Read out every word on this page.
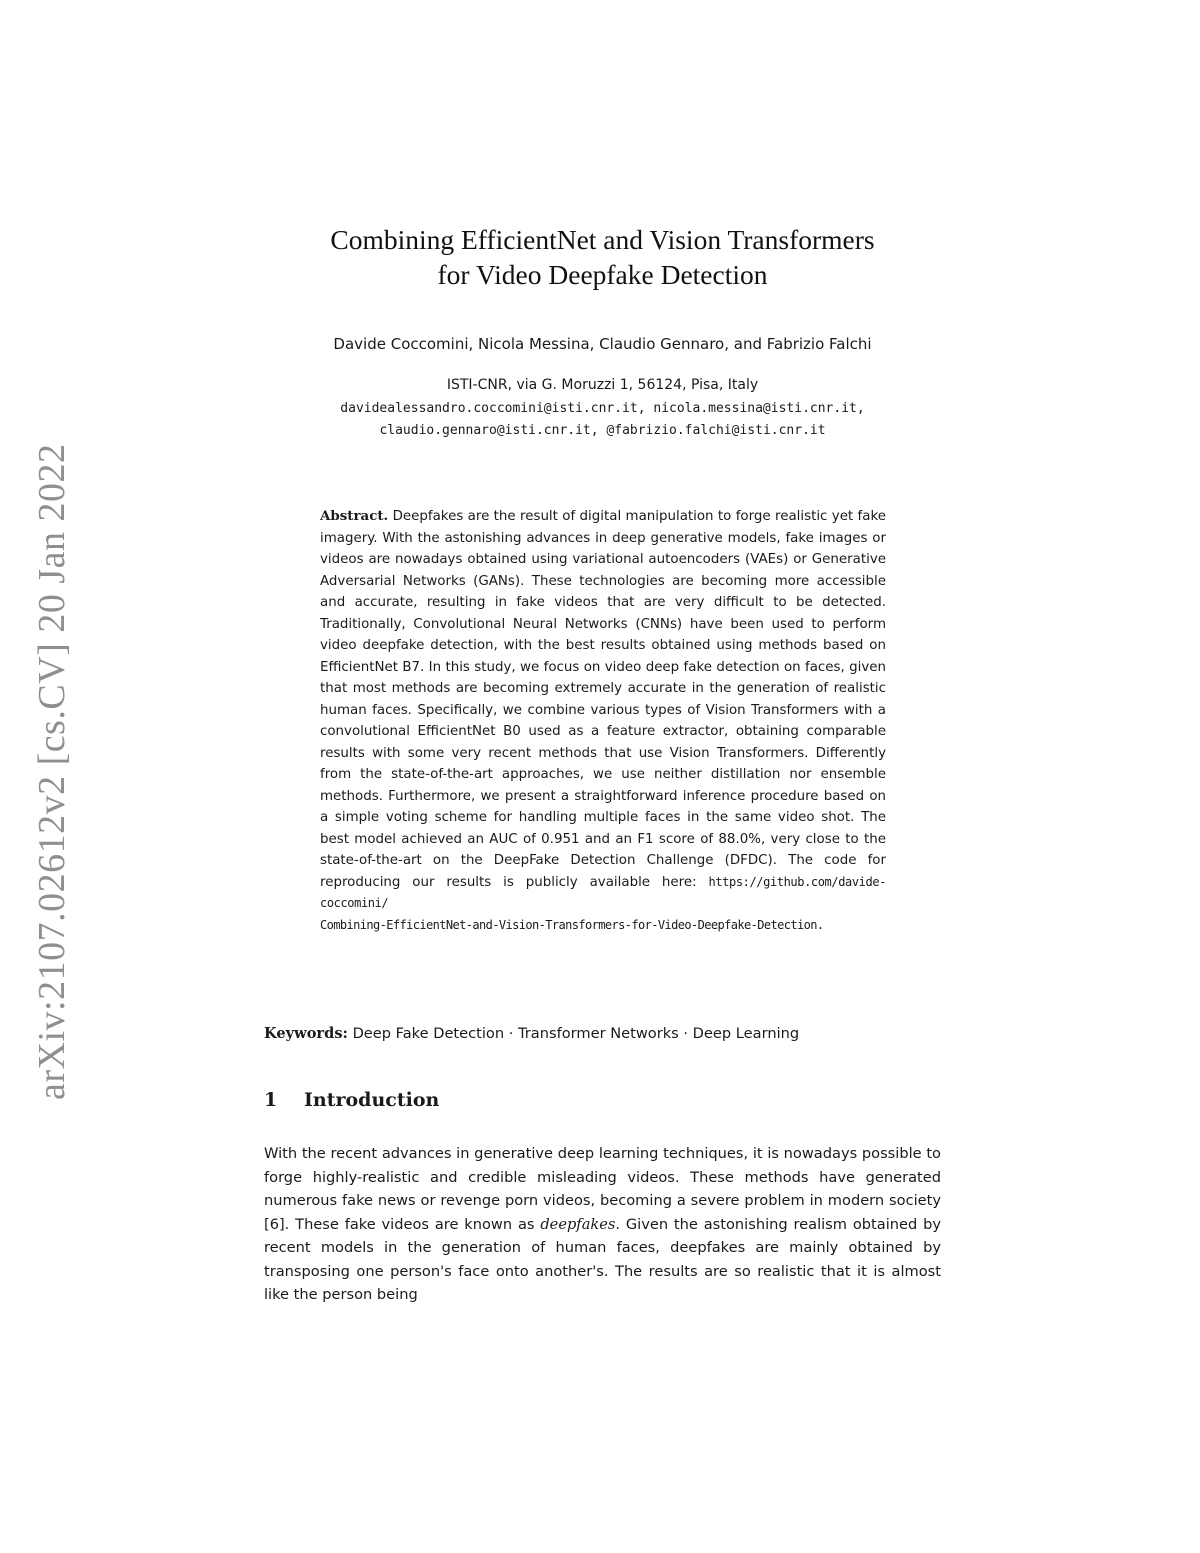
arXiv:2107.02612v2 [cs.CV] 20 Jan 2022
Combining EfficientNet and Vision Transformers
for Video Deepfake Detection
Davide Coccomini, Nicola Messina, Claudio Gennaro, and Fabrizio Falchi
ISTI-CNR, via G. Moruzzi 1, 56124, Pisa, Italy
davidealessandro.coccomini@isti.cnr.it, nicola.messina@isti.cnr.it,
claudio.gennaro@isti.cnr.it, @fabrizio.falchi@isti.cnr.it
Abstract. Deepfakes are the result of digital manipulation to forge realistic yet fake imagery. With the astonishing advances in deep generative models, fake images or videos are nowadays obtained using variational autoencoders (VAEs) or Generative Adversarial Networks (GANs). These technologies are becoming more accessible and accurate, resulting in fake videos that are very difficult to be detected. Traditionally, Convolutional Neural Networks (CNNs) have been used to perform video deepfake detection, with the best results obtained using methods based on EfficientNet B7. In this study, we focus on video deep fake detection on faces, given that most methods are becoming extremely accurate in the generation of realistic human faces. Specifically, we combine various types of Vision Transformers with a convolutional EfficientNet B0 used as a feature extractor, obtaining comparable results with some very recent methods that use Vision Transformers. Differently from the state-of-the-art approaches, we use neither distillation nor ensemble methods. Furthermore, we present a straightforward inference procedure based on a simple voting scheme for handling multiple faces in the same video shot. The best model achieved an AUC of 0.951 and an F1 score of 88.0%, very close to the state-of-the-art on the DeepFake Detection Challenge (DFDC). The code for reproducing our results is publicly available here: https://github.com/davide-coccomini/
Combining-EfficientNet-and-Vision-Transformers-for-Video-Deepfake-Detection.
Keywords: Deep Fake Detection · Transformer Networks · Deep Learning
1 Introduction
With the recent advances in generative deep learning techniques, it is nowadays possible to forge highly-realistic and credible misleading videos. These methods have generated numerous fake news or revenge porn videos, becoming a severe problem in modern society [6]. These fake videos are known as deepfakes. Given the astonishing realism obtained by recent models in the generation of human faces, deepfakes are mainly obtained by transposing one person's face onto another's. The results are so realistic that it is almost like the person being
